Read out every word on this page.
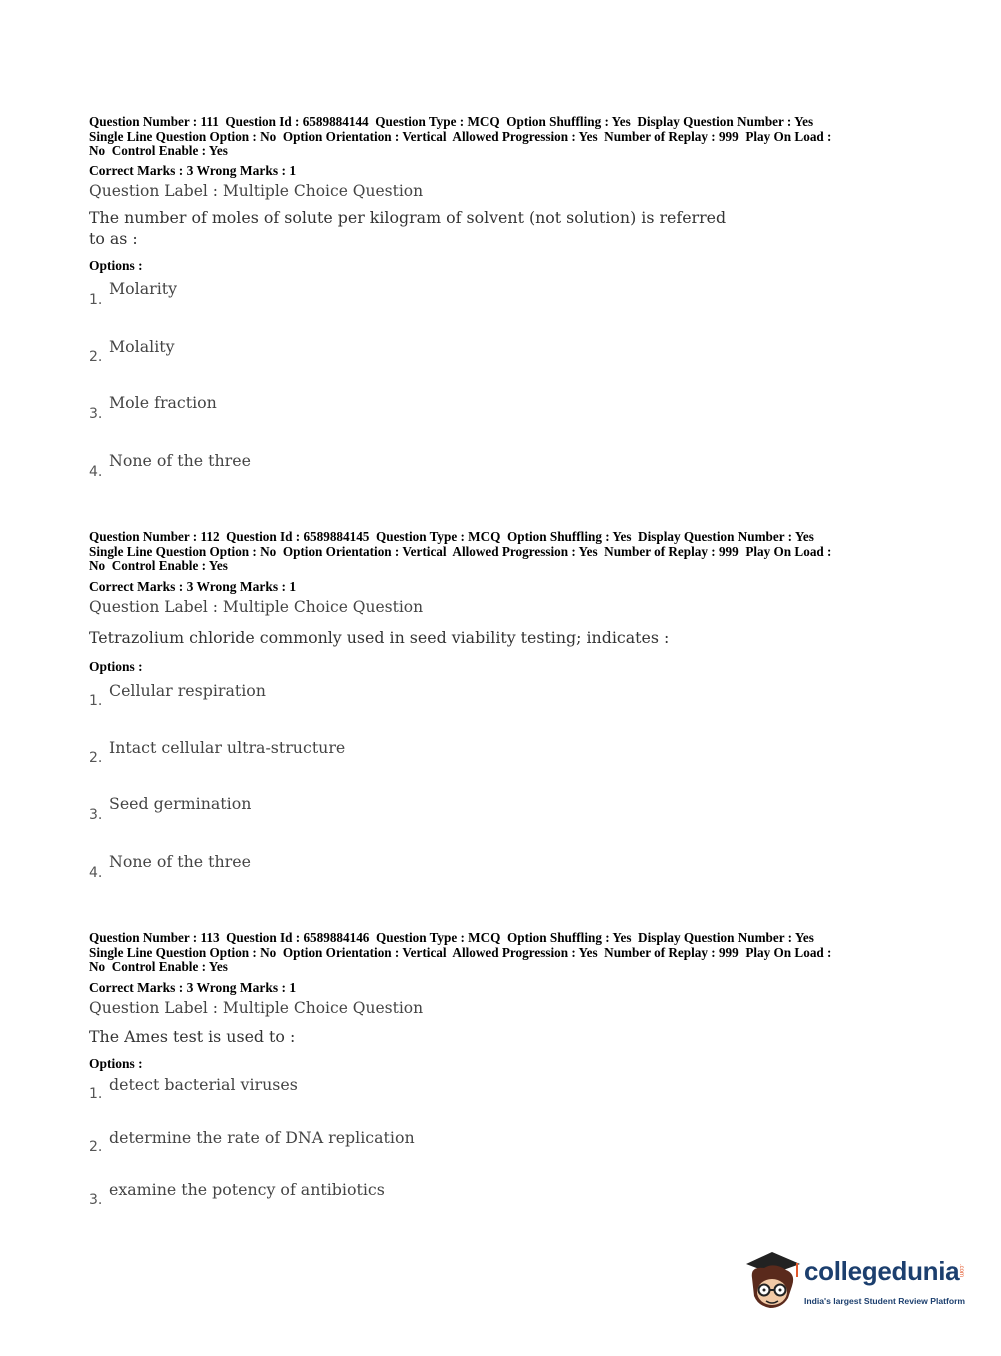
Question Number : 111  Question Id : 6589884144  Question Type : MCQ  Option Shuffling : Yes  Display Question Number : Yes
Single Line Question Option : No  Option Orientation : Vertical  Allowed Progression : Yes  Number of Replay : 999  Play On Load :
No  Control Enable : Yes
Correct Marks : 3 Wrong Marks : 1
Question Label : Multiple Choice Question
The number of moles of solute per kilogram of solvent (not solution) is referred to as :
Options :
1.
Molarity
2.
Molality
3.
Mole fraction
4.
None of the three
Question Number : 112  Question Id : 6589884145  Question Type : MCQ  Option Shuffling : Yes  Display Question Number : Yes
Single Line Question Option : No  Option Orientation : Vertical  Allowed Progression : Yes  Number of Replay : 999  Play On Load :
No  Control Enable : Yes
Correct Marks : 3 Wrong Marks : 1
Question Label : Multiple Choice Question
Tetrazolium chloride commonly used in seed viability testing; indicates :
Options :
1.
Cellular respiration
2.
Intact cellular ultra-structure
3.
Seed germination
4.
None of the three
Question Number : 113  Question Id : 6589884146  Question Type : MCQ  Option Shuffling : Yes  Display Question Number : Yes
Single Line Question Option : No  Option Orientation : Vertical  Allowed Progression : Yes  Number of Replay : 999  Play On Load :
No  Control Enable : Yes
Correct Marks : 3 Wrong Marks : 1
Question Label : Multiple Choice Question
The Ames test is used to :
Options :
1. detect bacterial viruses
2. determine the rate of DNA replication
3.
examine the potency of antibiotics
collegedunia
.com
India's largest Student Review Platform
